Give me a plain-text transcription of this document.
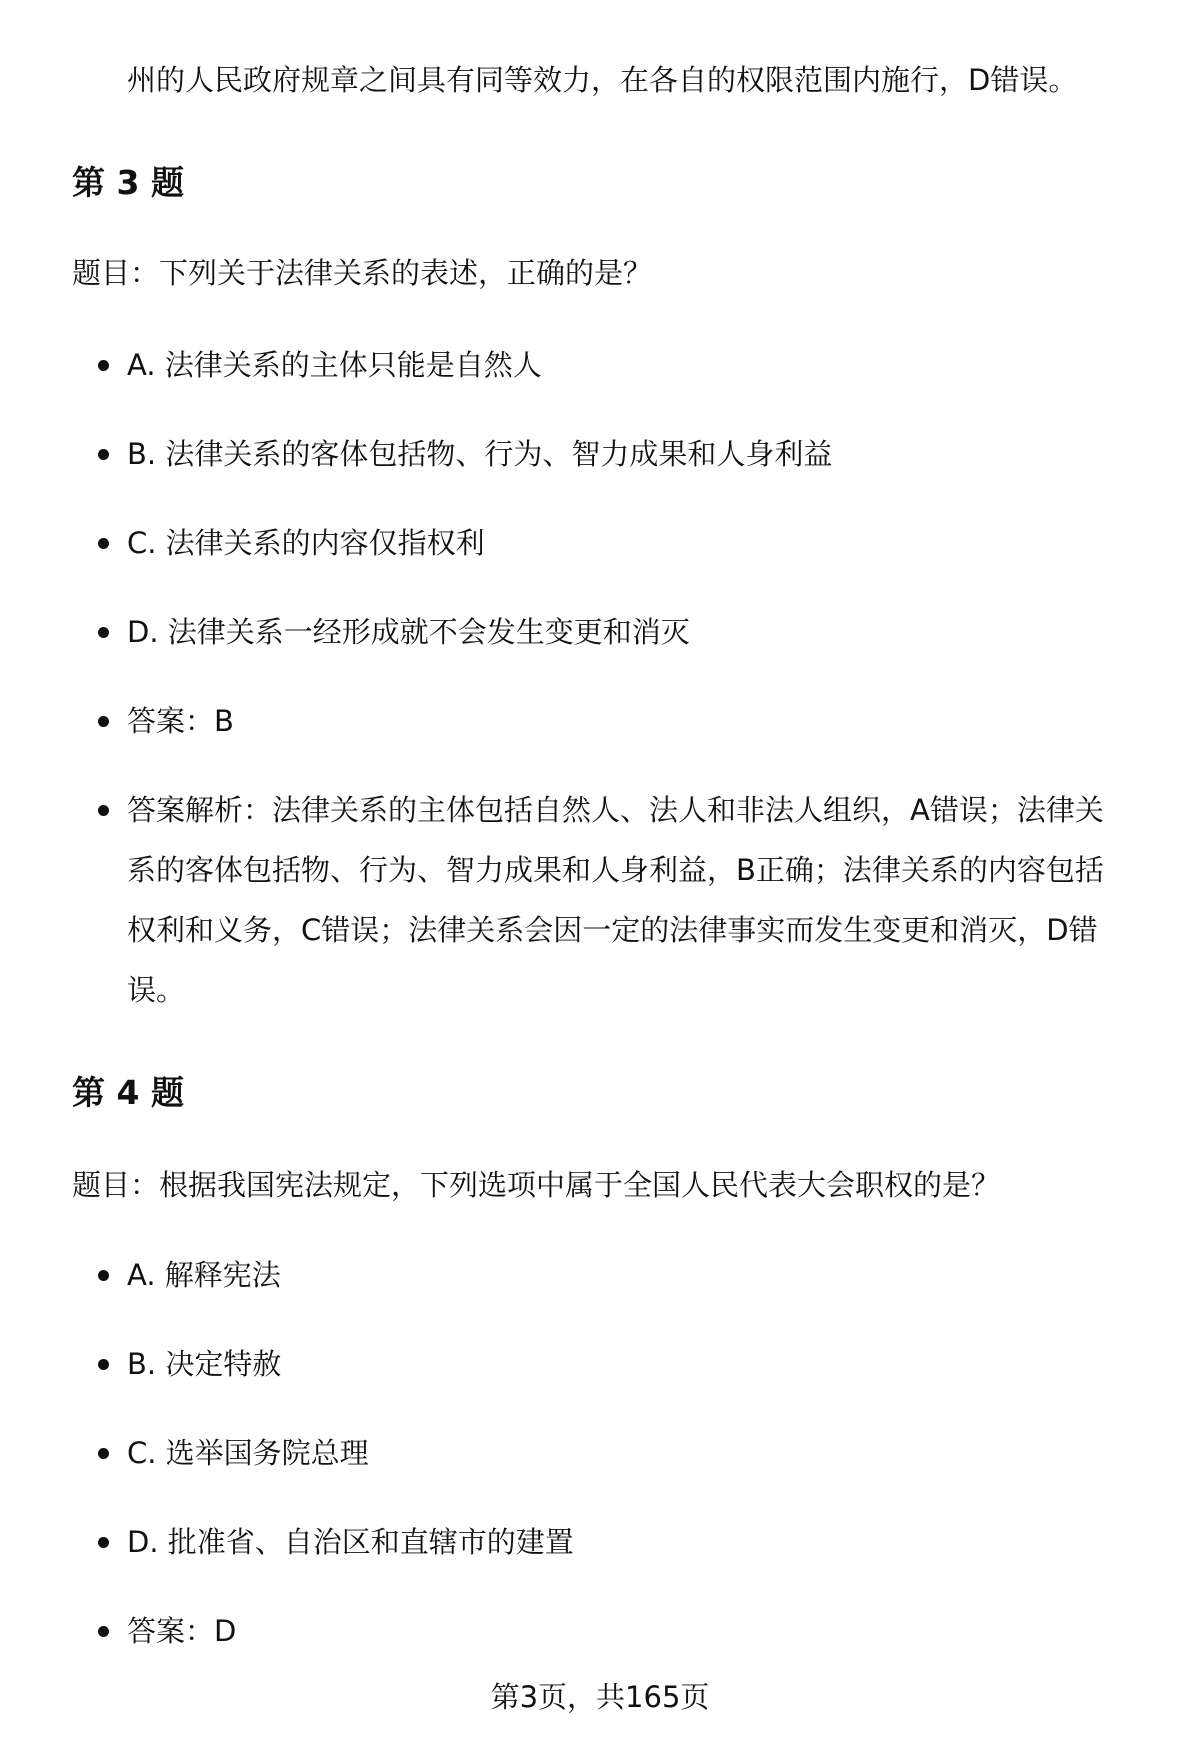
州的人民政府规章之间具有同等效力，在各自的权限范围内施行，D错误。
第 3 题
题目：下列关于法律关系的表述，正确的是？
A. 法律关系的主体只能是自然人
B. 法律关系的客体包括物、行为、智力成果和人身利益
C. 法律关系的内容仅指权利
D. 法律关系一经形成就不会发生变更和消灭
答案：B
答案解析：法律关系的主体包括自然人、法人和非法人组织，A错误；法律关
系的客体包括物、行为、智力成果和人身利益，B正确；法律关系的内容包括
权利和义务，C错误；法律关系会因一定的法律事实而发生变更和消灭，D错
误。
第 4 题
题目：根据我国宪法规定，下列选项中属于全国人民代表大会职权的是？
A. 解释宪法
B. 决定特赦
C. 选举国务院总理
D. 批准省、自治区和直辖市的建置
答案：D
第3页，共165页
